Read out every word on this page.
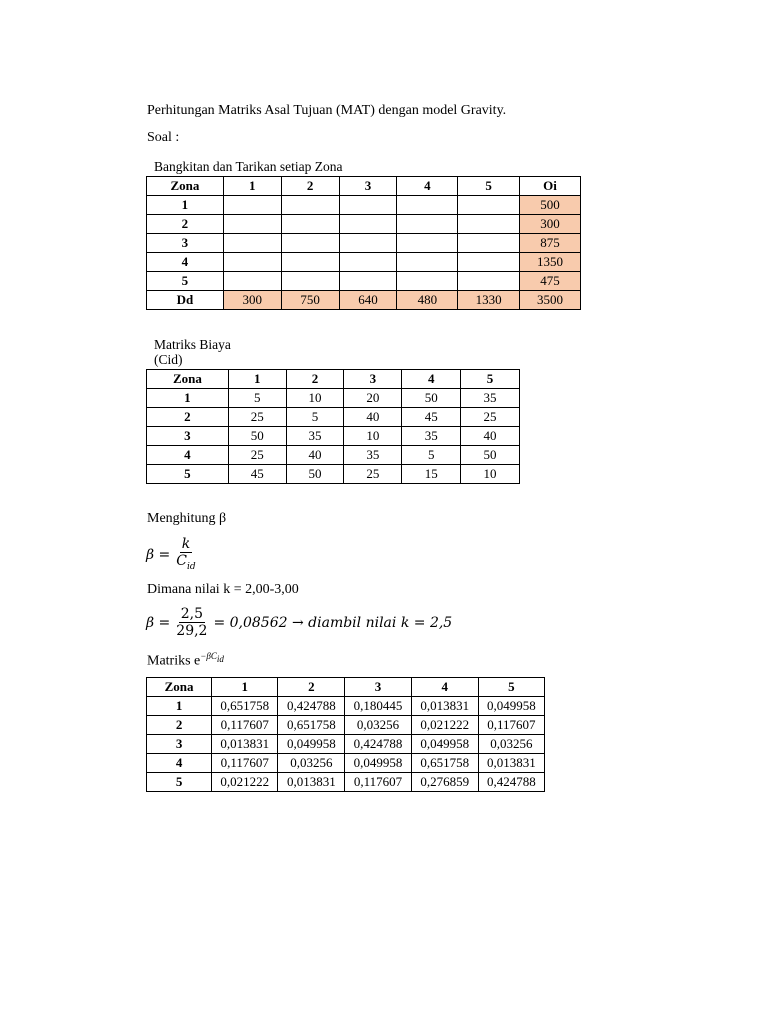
Perhitungan Matriks Asal Tujuan (MAT) dengan model Gravity.
Soal :
Bangkitan dan Tarikan setiap Zona
Zona	1	2	3	4	5	Oi
1						500
2						300
3						875
4						1350
5						475
Dd	300	750	640	480	1330	3500
Matriks Biaya
(Cid)
Zona	1	2	3	4	5
1	5	10	20	50	35
2	25	5	40	45	25
3	50	35	10	35	40
4	25	40	35	5	50
5	45	50	25	15	10
Menghitung β
$\beta = \frac{k}{C_{id}}$
Dimana nilai k = 2,00-3,00
$\beta = \frac{2,5}{29,2} = 0,08562$ → diambil nilai k = 2,5
Matriks $e^{-\beta C_{id}}$
Zona	1	2	3	4	5
1	0,651758	0,424788	0,180445	0,013831	0,049958
2	0,117607	0,651758	0,03256	0,021222	0,117607
3	0,013831	0,049958	0,424788	0,049958	0,03256
4	0,117607	0,03256	0,049958	0,651758	0,013831
5	0,021222	0,013831	0,117607	0,276859	0,424788
